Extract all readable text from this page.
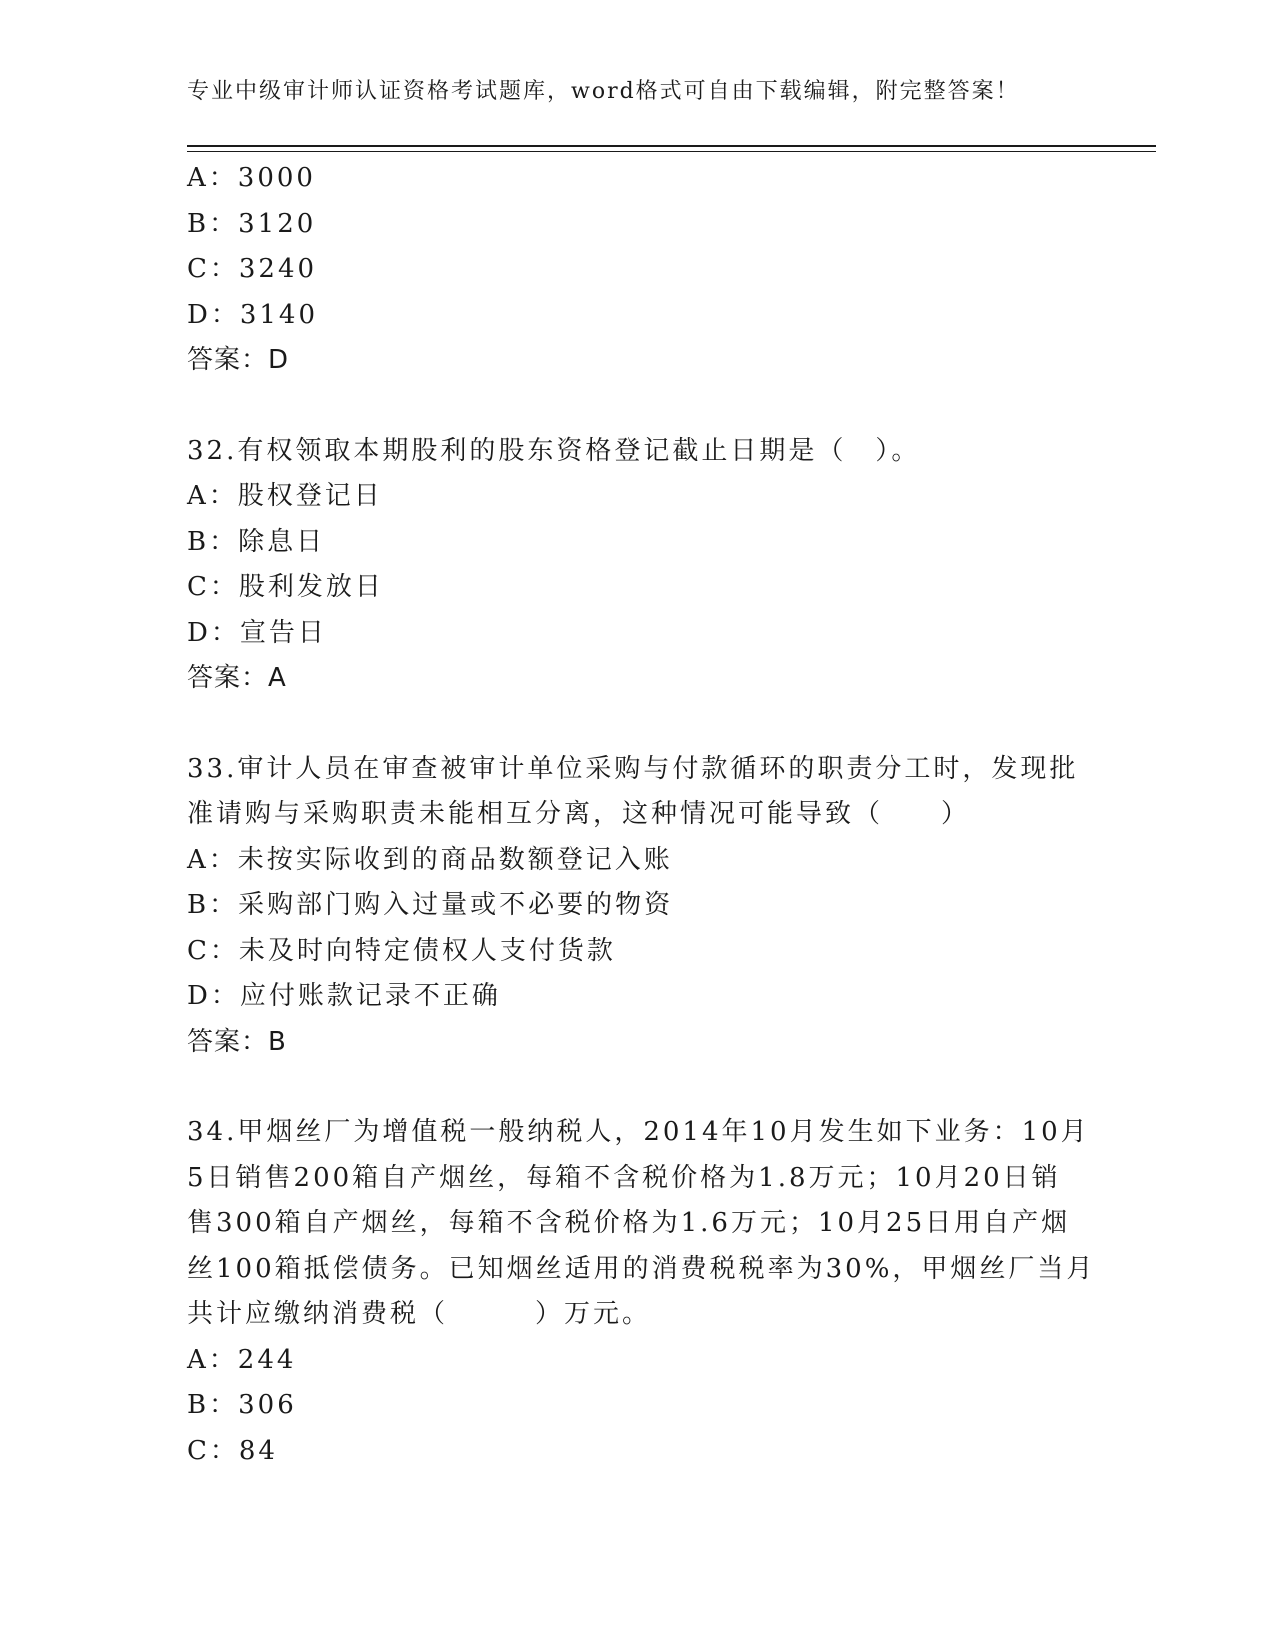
专业中级审计师认证资格考试题库，word格式可自由下载编辑，附完整答案！
A：3000
B：3120
C：3240
D：3140
答案：D
32.有权领取本期股利的股东资格登记截止日期是（　）。
A：股权登记日
B：除息日
C：股利发放日
D：宣告日
答案：A
33.审计人员在审查被审计单位采购与付款循环的职责分工时，发现批
准请购与采购职责未能相互分离，这种情况可能导致（　　）
A：未按实际收到的商品数额登记入账
B：采购部门购入过量或不必要的物资
C：未及时向特定债权人支付货款
D：应付账款记录不正确
答案：B
34.甲烟丝厂为增值税一般纳税人，2014年10月发生如下业务：10月
5日销售200箱自产烟丝，每箱不含税价格为1.8万元；10月20日销
售300箱自产烟丝，每箱不含税价格为1.6万元；10月25日用自产烟
丝100箱抵偿债务。已知烟丝适用的消费税税率为30%，甲烟丝厂当月
共计应缴纳消费税（　　　）万元。
A：244
B：306
C：84
